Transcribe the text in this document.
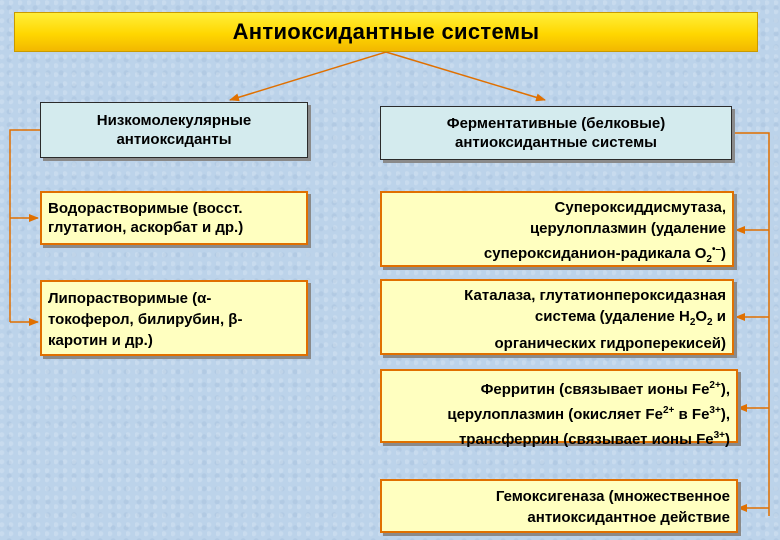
Антиоксидантные системы
Низкомолекулярные
антиоксиданты
Ферментативные (белковые)
антиоксидантные системы
Водорастворимые (восст.
глутатион, аскорбат и др.)
Липорастворимые (α-
токоферол, билирубин, β-
каротин и др.)
Супероксиддисмутаза,
церулоплазмин (удаление
супероксиданион-радикала $O_2^{•-}$)
Каталаза, глутатионпероксидазная
система (удаление $H_2O_2$ и
органических гидроперекисей)
Ферритин (связывает ионы $Fe^{2+}$),
церулоплазмин (окисляет $Fe^{2+}$ в $Fe^{3+}$),
трансферрин (связывает ионы $Fe^{3+}$)
Гемоксигеназа (множественное
антиоксидантное действие
